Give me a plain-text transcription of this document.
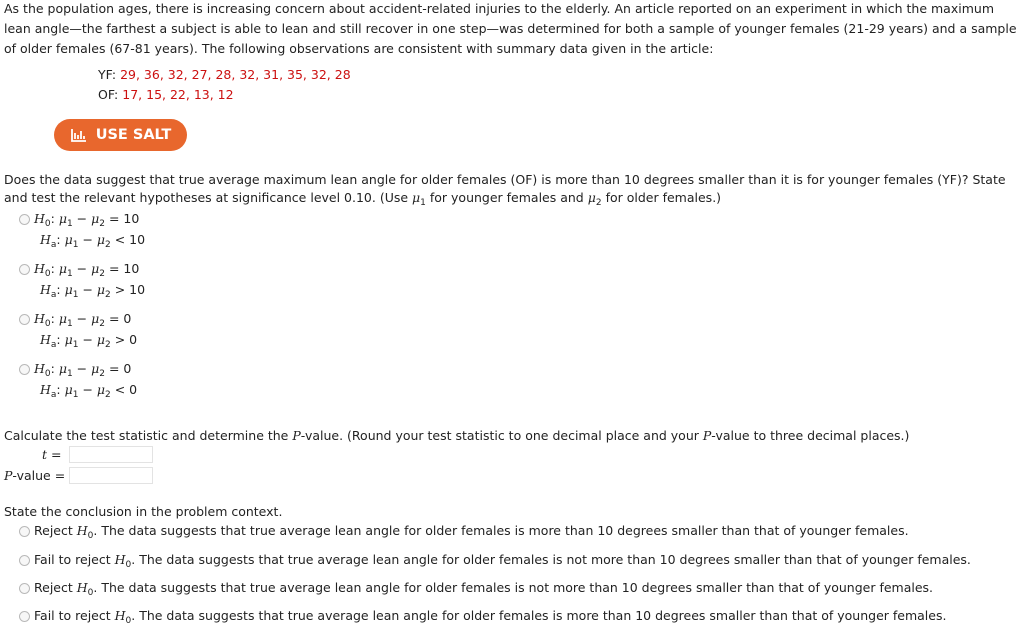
As the population ages, there is increasing concern about accident-related injuries to the elderly. An article reported on an experiment in which the maximum lean angle—the farthest a subject is able to lean and still recover in one step—was determined for both a sample of younger females (21-29 years) and a sample of older females (67-81 years). The following observations are consistent with summary data given in the article:

YF: 29, 36, 32, 27, 28, 32, 31, 35, 32, 28
OF: 17, 15, 22, 13, 12
USE SALT

Does the data suggest that true average maximum lean angle for older females (OF) is more than 10 degrees smaller than it is for younger females (YF)? State and test the relevant hypotheses at significance level 0.10. (Use $\mu_1$ for younger females and $\mu_2$ for older females.)

$H_0$: $\mu_1 - \mu_2 = 10$
$H_a$: $\mu_1 - \mu_2 < 10$
$H_0$: $\mu_1 - \mu_2 = 10$
$H_a$: $\mu_1 - \mu_2 > 10$
$H_0$: $\mu_1 - \mu_2 = 0$
$H_a$: $\mu_1 - \mu_2 > 0$
$H_0$: $\mu_1 - \mu_2 = 0$
$H_a$: $\mu_1 - \mu_2 < 0$

Calculate the test statistic and determine the P-value. (Round your test statistic to one decimal place and your P-value to three decimal places.)

t =
P-value =

State the conclusion in the problem context.

Reject $H_0$. The data suggests that true average lean angle for older females is more than 10 degrees smaller than that of younger females.
Fail to reject $H_0$. The data suggests that true average lean angle for older females is not more than 10 degrees smaller than that of younger females.
Reject $H_0$. The data suggests that true average lean angle for older females is not more than 10 degrees smaller than that of younger females.
Fail to reject $H_0$. The data suggests that true average lean angle for older females is more than 10 degrees smaller than that of younger females.
